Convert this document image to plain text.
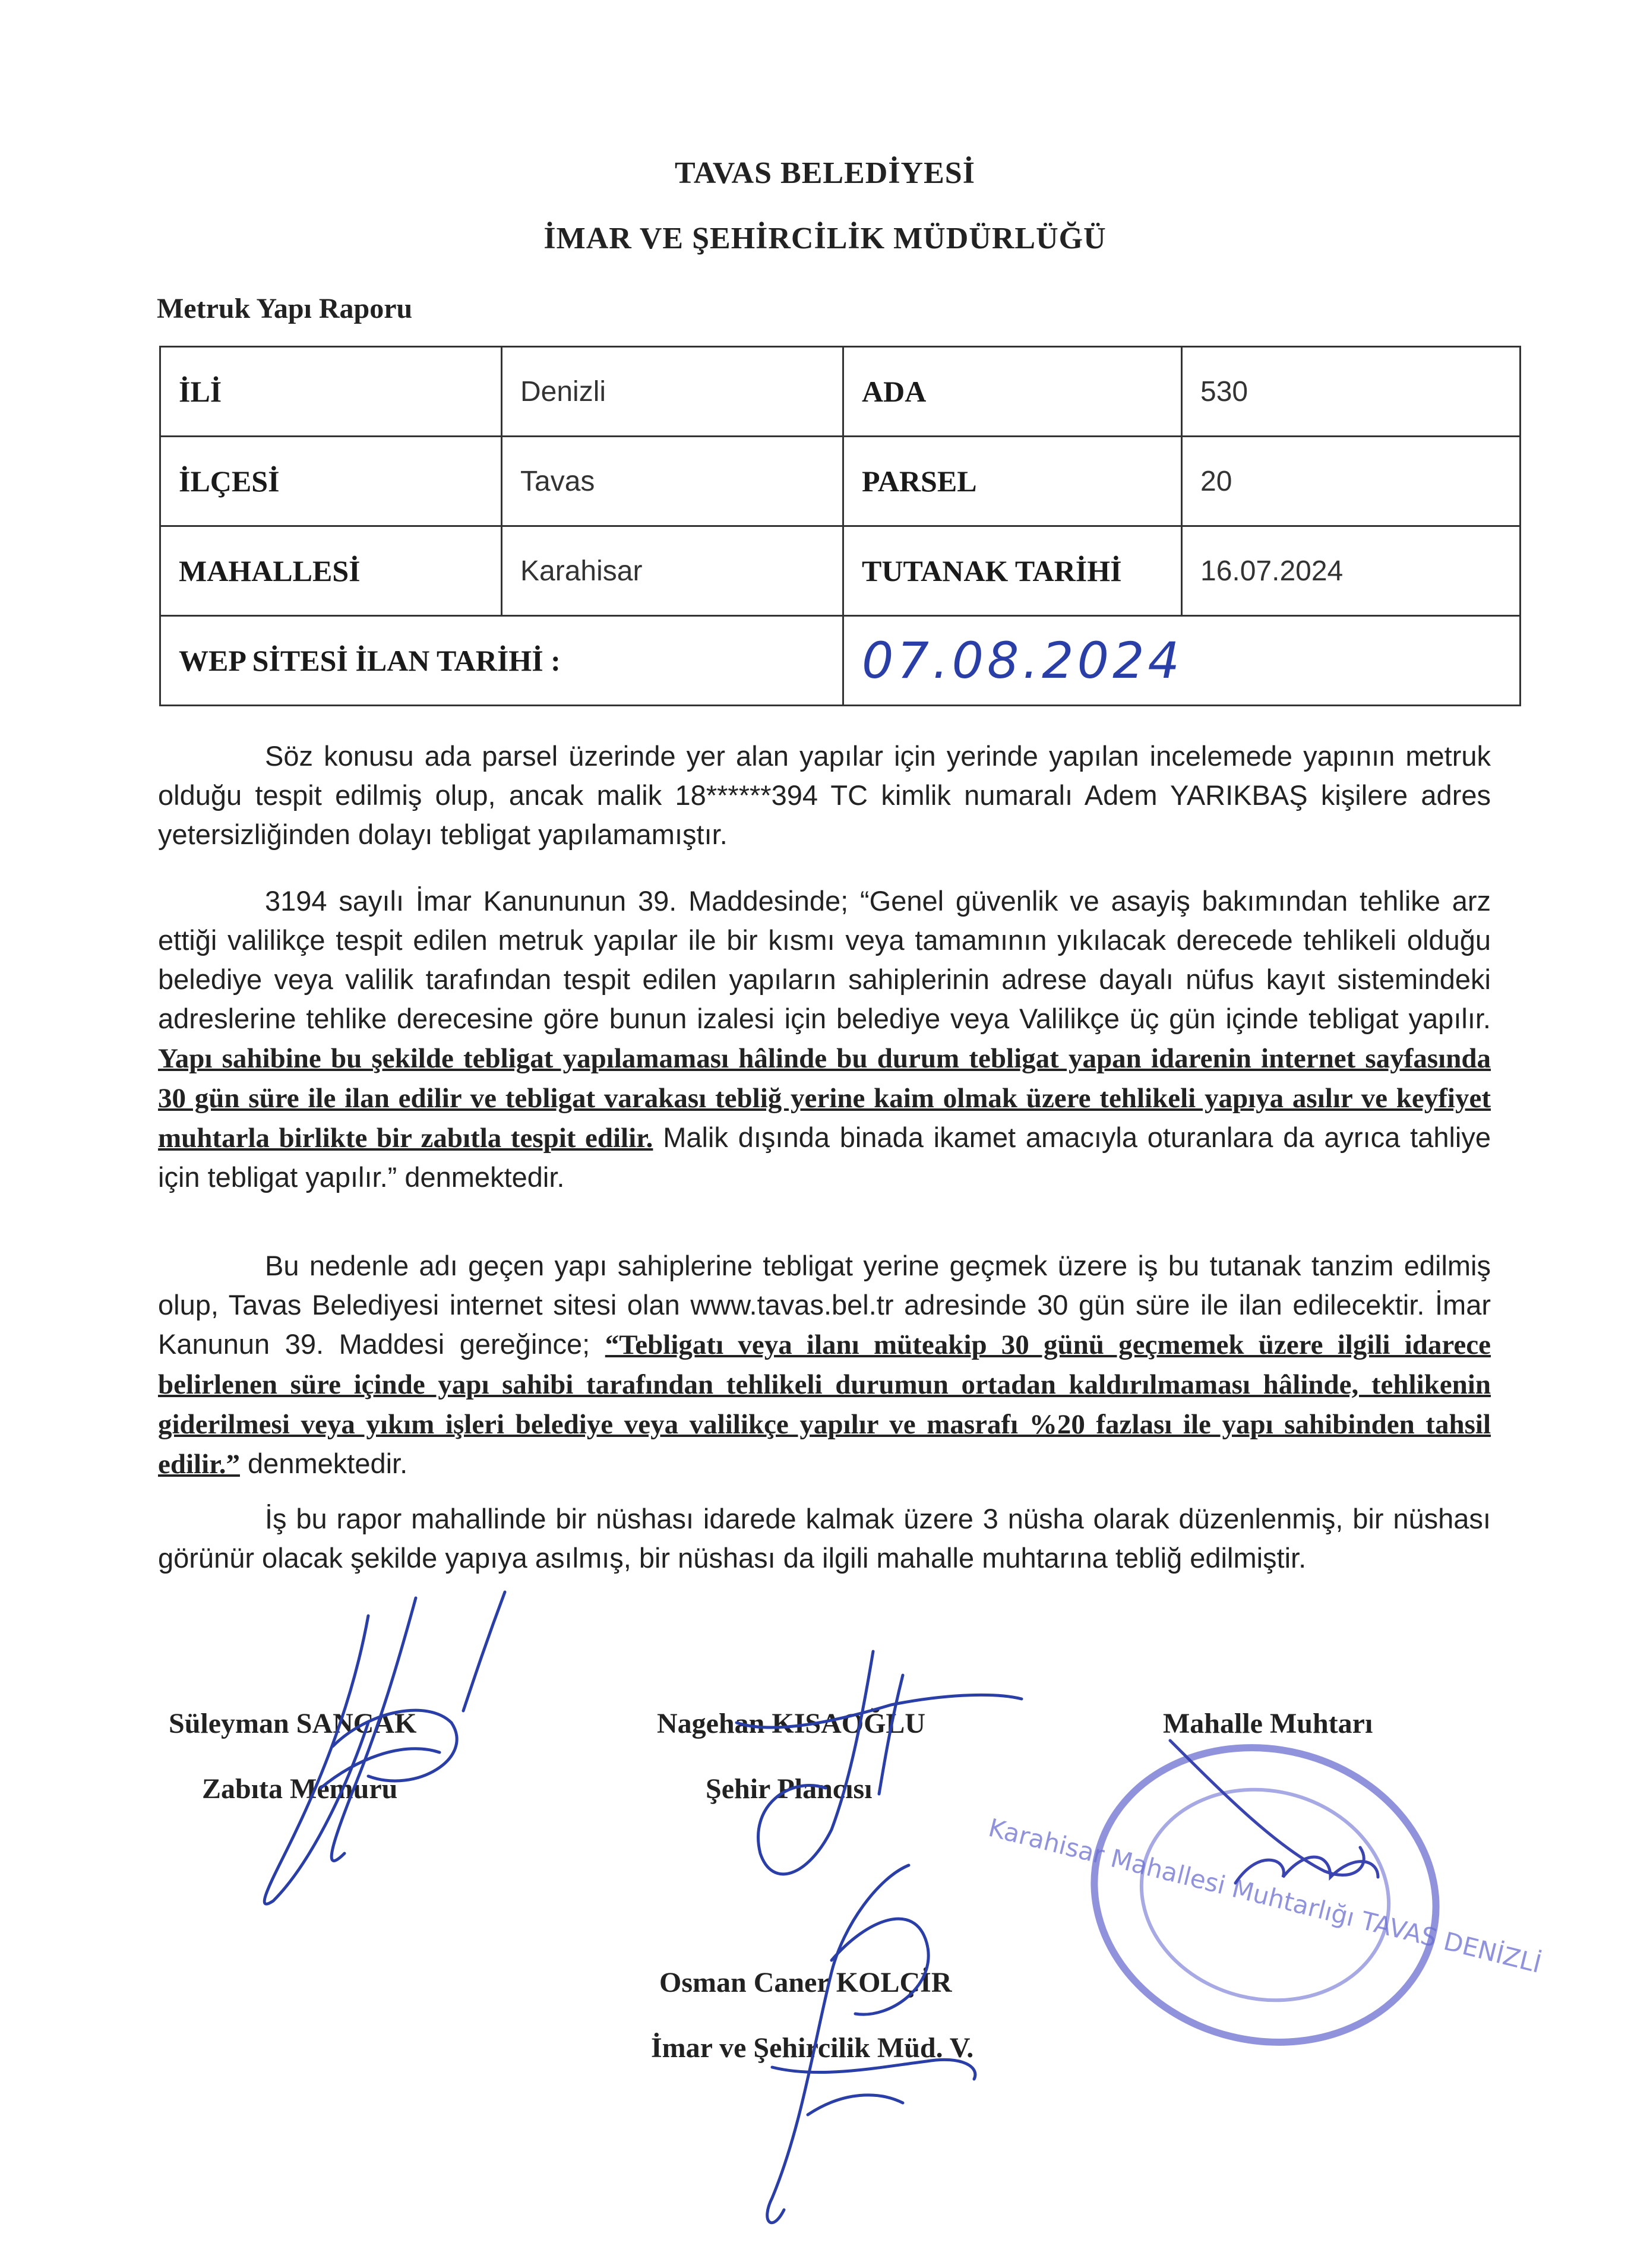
TAVAS BELEDİYESİ
İMAR VE ŞEHİRCİLİK MÜDÜRLÜĞÜ
Metruk Yapı Raporu
İLİ	Denizli	ADA	530
İLÇESİ	Tavas	PARSEL	20
MAHALLESİ	Karahisar	TUTANAK TARİHİ	16.07.2024
WEP SİTESİ İLAN TARİHİ :		07.08.2024	

Söz konusu ada parsel üzerinde yer alan yapılar için yerinde yapılan incelemede yapının metruk olduğu tespit edilmiş olup, ancak malik 18******394 TC kimlik numaralı Adem YARIKBAŞ kişilere adres yetersizliğinden dolayı tebligat yapılamamıştır.

3194 sayılı İmar Kanununun 39. Maddesinde; “Genel güvenlik ve asayiş bakımından tehlike arz ettiği valilikçe tespit edilen metruk yapılar ile bir kısmı veya tamamının yıkılacak derecede tehlikeli olduğu belediye veya valilik tarafından tespit edilen yapıların sahiplerinin adrese dayalı nüfus kayıt sistemindeki adreslerine tehlike derecesine göre bunun izalesi için belediye veya Valilikçe üç gün içinde tebligat yapılır. Yapı sahibine bu şekilde tebligat yapılamaması hâlinde bu durum tebligat yapan idarenin internet sayfasında 30 gün süre ile ilan edilir ve tebligat varakası tebliğ yerine kaim olmak üzere tehlikeli yapıya asılır ve keyfiyet muhtarla birlikte bir zabıtla tespit edilir. Malik dışında binada ikamet amacıyla oturanlara da ayrıca tahliye için tebligat yapılır.” denmektedir.

Bu nedenle adı geçen yapı sahiplerine tebligat yerine geçmek üzere iş bu tutanak tanzim edilmiş olup, Tavas Belediyesi internet sitesi olan www.tavas.bel.tr adresinde 30 gün süre ile ilan edilecektir. İmar Kanunun 39. Maddesi gereğince; “Tebligatı veya ilanı müteakip 30 günü geçmemek üzere ilgili idarece belirlenen süre içinde yapı sahibi tarafından tehlikeli durumun ortadan kaldırılmaması hâlinde, tehlikenin giderilmesi veya yıkım işleri belediye veya valilikçe yapılır ve masrafı %20 fazlası ile yapı sahibinden tahsil edilir.” denmektedir.

İş bu rapor mahallinde bir nüshası idarede kalmak üzere 3 nüsha olarak düzenlenmiş, bir nüshası görünür olacak şekilde yapıya asılmış, bir nüshası da ilgili mahalle muhtarına tebliğ edilmiştir.

Süleyman SANCAK
Zabıta Memuru
Nagehan KISAOĞLU
Şehir Plancısı
Mahalle Muhtarı
Osman Caner KOLÇİR
İmar ve Şehircilik Müd. V.
Karahisar Mahallesi Muhtarlığı TAVAS DENİZLİ
